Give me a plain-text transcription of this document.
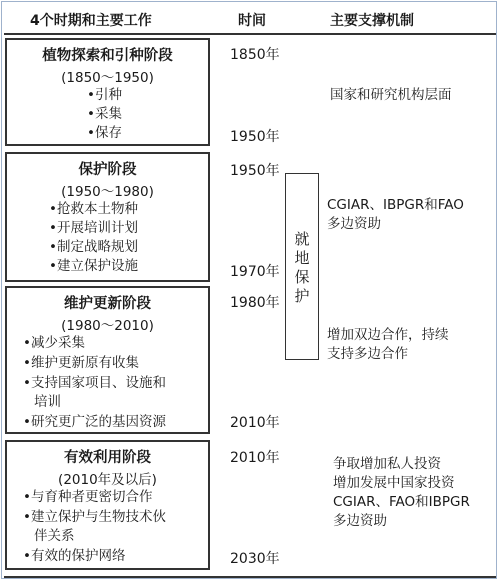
4个时期和主要工作	时间	主要支撑机制
植物探索和引种阶段
(1850～1950)
•引种
•采集
•保存
保护阶段
(1950～1980)
•抢救本土物种
•开展培训计划
•制定战略规划
•建立保护设施
维护更新阶段
(1980～2010)
•减少采集
•维护更新原有收集
•支持国家项目、设施和
培训
•研究更广泛的基因资源
有效利用阶段
(2010年及以后)
•与育种者更密切合作
•建立保护与生物技术伙
伴关系
•有效的保护网络
1850年
1950年
1950年
1970年
1980年
2010年
2010年
2030年
就
地
保
护
国家和研究机构层面
CGIAR、IBPGR和FAO
多边资助
增加双边合作，持续
支持多边合作
争取增加私人投资
增加发展中国家投资
CGIAR、FAO和IBPGR
多边资助
